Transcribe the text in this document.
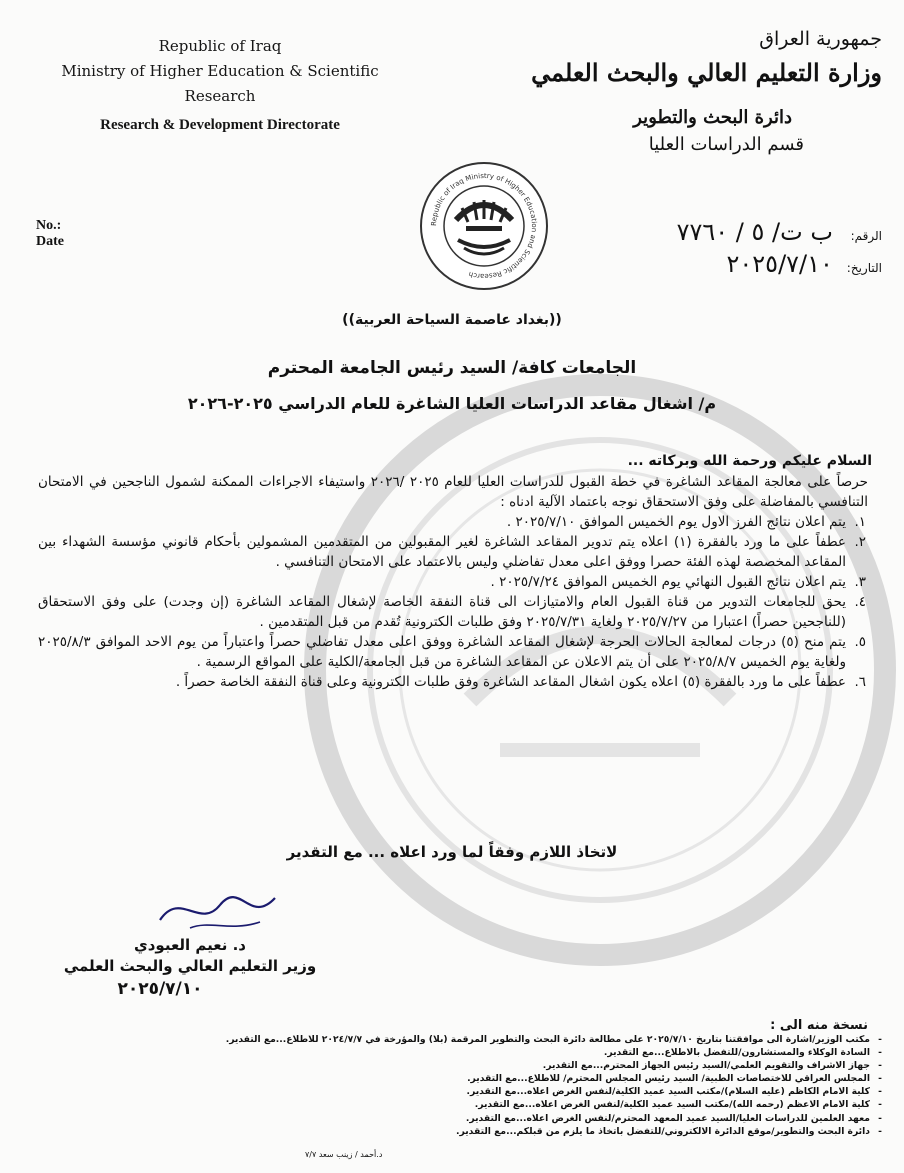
Republic of Iraq
Ministry of Higher Education & Scientific
Research
Research & Development Directorate
No.:
Date
جمهورية العراق
وزارة التعليم العالي والبحث العلمي
دائرة البحث والتطوير
قسم الدراسات العليا
الرقم: ب ت/ ٥ / ٧٧٦٠
التاريخ: ٢٠٢٥/٧/١٠
Republic of Iraq Ministry of Higher Education and Scientific Research
((بغداد عاصمة السياحة العربية))
الجامعات كافة/ السيد رئيس الجامعة المحترم
م/ اشغال مقاعد الدراسات العليا الشاغرة للعام الدراسي ٢٠٢٥-٢٠٢٦
السلام عليكم ورحمة الله وبركاته ...

حرصاً على معالجة المقاعد الشاغرة في خطة القبول للدراسات العليا للعام ٢٠٢٥ /٢٠٢٦ واستيفاء الاجراءات الممكنة لشمول الناجحين في الامتحان التنافسي بالمفاضلة على وفق الاستحقاق نوجه باعتماد الآلية ادناه :

١.
يتم اعلان نتائج الفرز الاول يوم الخميس الموافق ٢٠٢٥/٧/١٠ .
٢.
عطفاً على ما ورد بالفقرة (١) اعلاه يتم تدوير المقاعد الشاغرة لغير المقبولين من المتقدمين المشمولين بأحكام قانوني مؤسسة الشهداء بين المقاعد المخصصة لهذه الفئة حصرا ووفق اعلى معدل تفاضلي وليس بالاعتماد على الامتحان التنافسي .
٣.
يتم اعلان نتائج القبول النهائي يوم الخميس الموافق ٢٠٢٥/٧/٢٤ .
٤.
يحق للجامعات التدوير من قناة القبول العام والامتيازات الى قناة النفقة الخاصة لإشغال المقاعد الشاغرة (إن وجدت) على وفق الاستحقاق (للناجحين حصراً) اعتبارا من ٢٠٢٥/٧/٢٧ ولغاية ٢٠٢٥/٧/٣١ وفق طلبات الكترونية تُقدم من قبل المتقدمين .
٥.
يتم منح (٥) درجات لمعالجة الحالات الحرجة لإشغال المقاعد الشاغرة ووفق اعلى معدل تفاضلي حصراً واعتباراً من يوم الاحد الموافق ٢٠٢٥/٨/٣ ولغاية يوم الخميس ٢٠٢٥/٨/٧ على أن يتم الاعلان عن المقاعد الشاغرة من قبل الجامعة/الكلية على المواقع الرسمية .
٦.
عطفاً على ما ورد بالفقرة (٥) اعلاه يكون اشغال المقاعد الشاغرة وفق طلبات الكترونية وعلى قناة النفقة الخاصة حصراً .
لاتخاذ اللازم وفقاً لما ورد اعلاه ... مع التقدير
د. نعيم العبودي
وزير التعليم العالي والبحث العلمي
٢٠٢٥/٧/١٠
نسخة منه الى :
-مكتب الوزير/اشارة الى موافقتنا بتاريخ ٢٠٢٥/٧/١٠ على مطالعة دائرة البحث والتطوير المرقمة (بلا) والمؤرخة في ٢٠٢٤/٧/٧ للاطلاع...مع التقدير.
-السادة الوكلاء والمستشارون/للتفضل بالاطلاع...مع التقدير.
-جهاز الاشراف والتقويم العلمي/السيد رئيس الجهاز المحترم...مع التقدير.
-المجلس العراقي للاختصاصات الطبية/ السيد رئيس المجلس المحترم/ للاطلاع...مع التقدير.
-كلية الامام الكاظم (عليه السلام)/مكتب السيد عميد الكلية/لنفس الغرض اعلاه...مع التقدير.
-كلية الامام الاعظم (رحمه الله)/مكتب السيد عميد الكلية/لنفس الغرض اعلاه...مع التقدير.
-معهد العلمين للدراسات العليا/السيد عميد المعهد المحترم/لنفس الغرض اعلاه...مع التقدير.
-دائرة البحث والتطوير/موقع الدائرة الالكتروني/للتفضل باتخاذ ما يلزم من قبلكم...مع التقدير.
د.أحمد / زينب سعد ٧/٧
